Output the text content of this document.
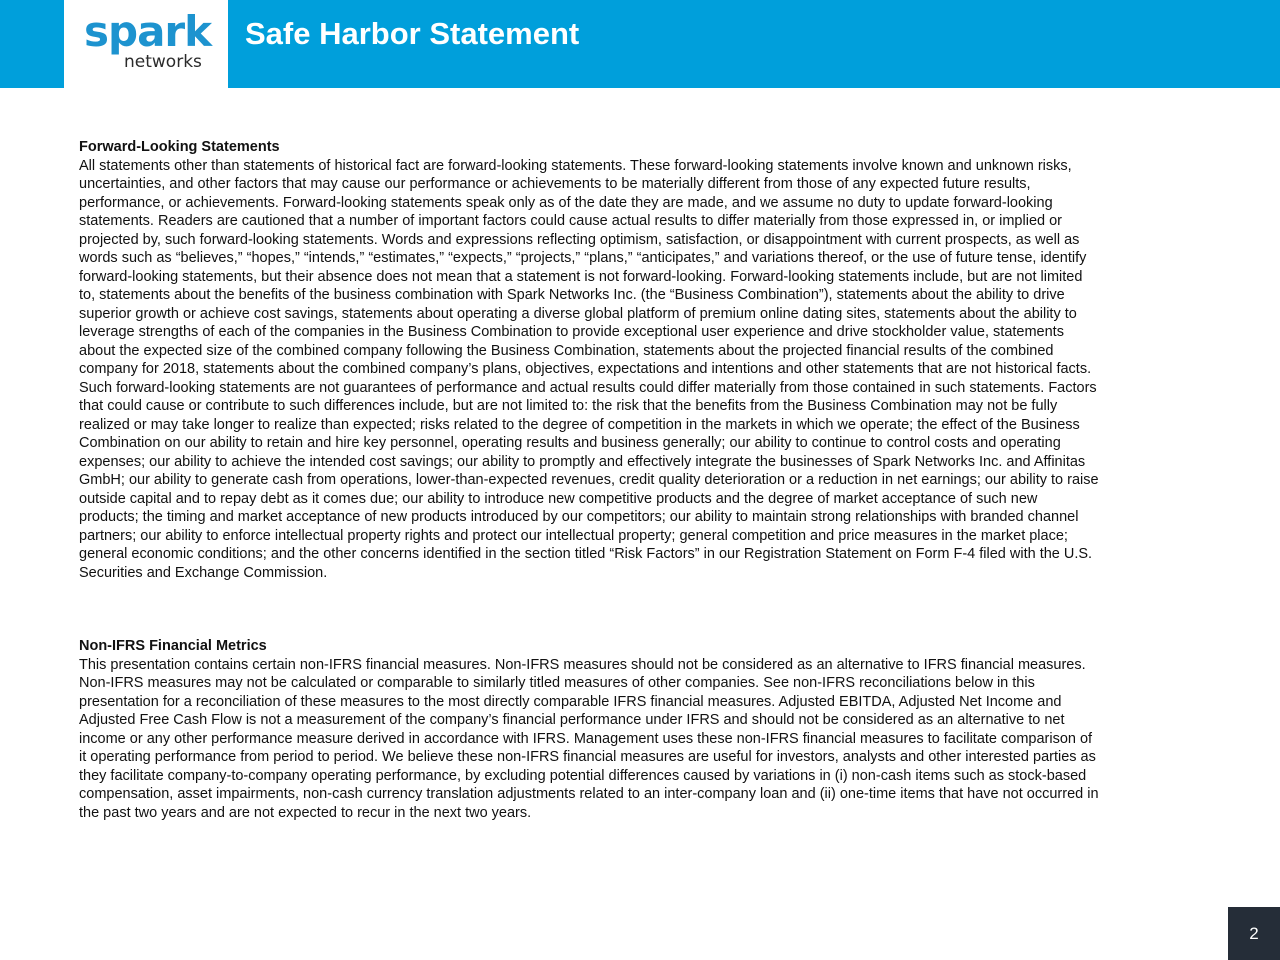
spark
networks
Safe Harbor Statement

Forward-Looking Statements

All statements other than statements of historical fact are forward-looking statements. These forward-looking statements involve known and unknown risks,
uncertainties, and other factors that may cause our performance or achievements to be materially different from those of any expected future results,
performance, or achievements. Forward-looking statements speak only as of the date they are made, and we assume no duty to update forward-looking
statements. Readers are cautioned that a number of important factors could cause actual results to differ materially from those expressed in, or implied or
projected by, such forward-looking statements. Words and expressions reflecting optimism, satisfaction, or disappointment with current prospects, as well as
words such as “believes,” “hopes,” “intends,” “estimates,” “expects,” “projects,” “plans,” “anticipates,” and variations thereof, or the use of future tense, identify
forward-looking statements, but their absence does not mean that a statement is not forward-looking. Forward-looking statements include, but are not limited
to, statements about the benefits of the business combination with Spark Networks Inc. (the “Business Combination”), statements about the ability to drive
superior growth or achieve cost savings, statements about operating a diverse global platform of premium online dating sites, statements about the ability to
leverage strengths of each of the companies in the Business Combination to provide exceptional user experience and drive stockholder value, statements
about the expected size of the combined company following the Business Combination, statements about the projected financial results of the combined
company for 2018, statements about the combined company’s plans, objectives, expectations and intentions and other statements that are not historical facts.
Such forward-looking statements are not guarantees of performance and actual results could differ materially from those contained in such statements. Factors
that could cause or contribute to such differences include, but are not limited to: the risk that the benefits from the Business Combination may not be fully
realized or may take longer to realize than expected; risks related to the degree of competition in the markets in which we operate; the effect of the Business
Combination on our ability to retain and hire key personnel, operating results and business generally; our ability to continue to control costs and operating
expenses; our ability to achieve the intended cost savings; our ability to promptly and effectively integrate the businesses of Spark Networks Inc. and Affinitas
GmbH; our ability to generate cash from operations, lower-than-expected revenues, credit quality deterioration or a reduction in net earnings; our ability to raise
outside capital and to repay debt as it comes due; our ability to introduce new competitive products and the degree of market acceptance of such new
products; the timing and market acceptance of new products introduced by our competitors; our ability to maintain strong relationships with branded channel
partners; our ability to enforce intellectual property rights and protect our intellectual property; general competition and price measures in the market place;
general economic conditions; and the other concerns identified in the section titled “Risk Factors” in our Registration Statement on Form F-4 filed with the U.S.
Securities and Exchange Commission.

Non-IFRS Financial Metrics

This presentation contains certain non-IFRS financial measures. Non-IFRS measures should not be considered as an alternative to IFRS financial measures.
Non-IFRS measures may not be calculated or comparable to similarly titled measures of other companies. See non-IFRS reconciliations below in this
presentation for a reconciliation of these measures to the most directly comparable IFRS financial measures. Adjusted EBITDA, Adjusted Net Income and
Adjusted Free Cash Flow is not a measurement of the company’s financial performance under IFRS and should not be considered as an alternative to net
income or any other performance measure derived in accordance with IFRS. Management uses these non-IFRS financial measures to facilitate comparison of
it operating performance from period to period. We believe these non-IFRS financial measures are useful for investors, analysts and other interested parties as
they facilitate company-to-company operating performance, by excluding potential differences caused by variations in (i) non-cash items such as stock-based
compensation, asset impairments, non-cash currency translation adjustments related to an inter-company loan and (ii) one-time items that have not occurred in
the past two years and are not expected to recur in the next two years.

2
